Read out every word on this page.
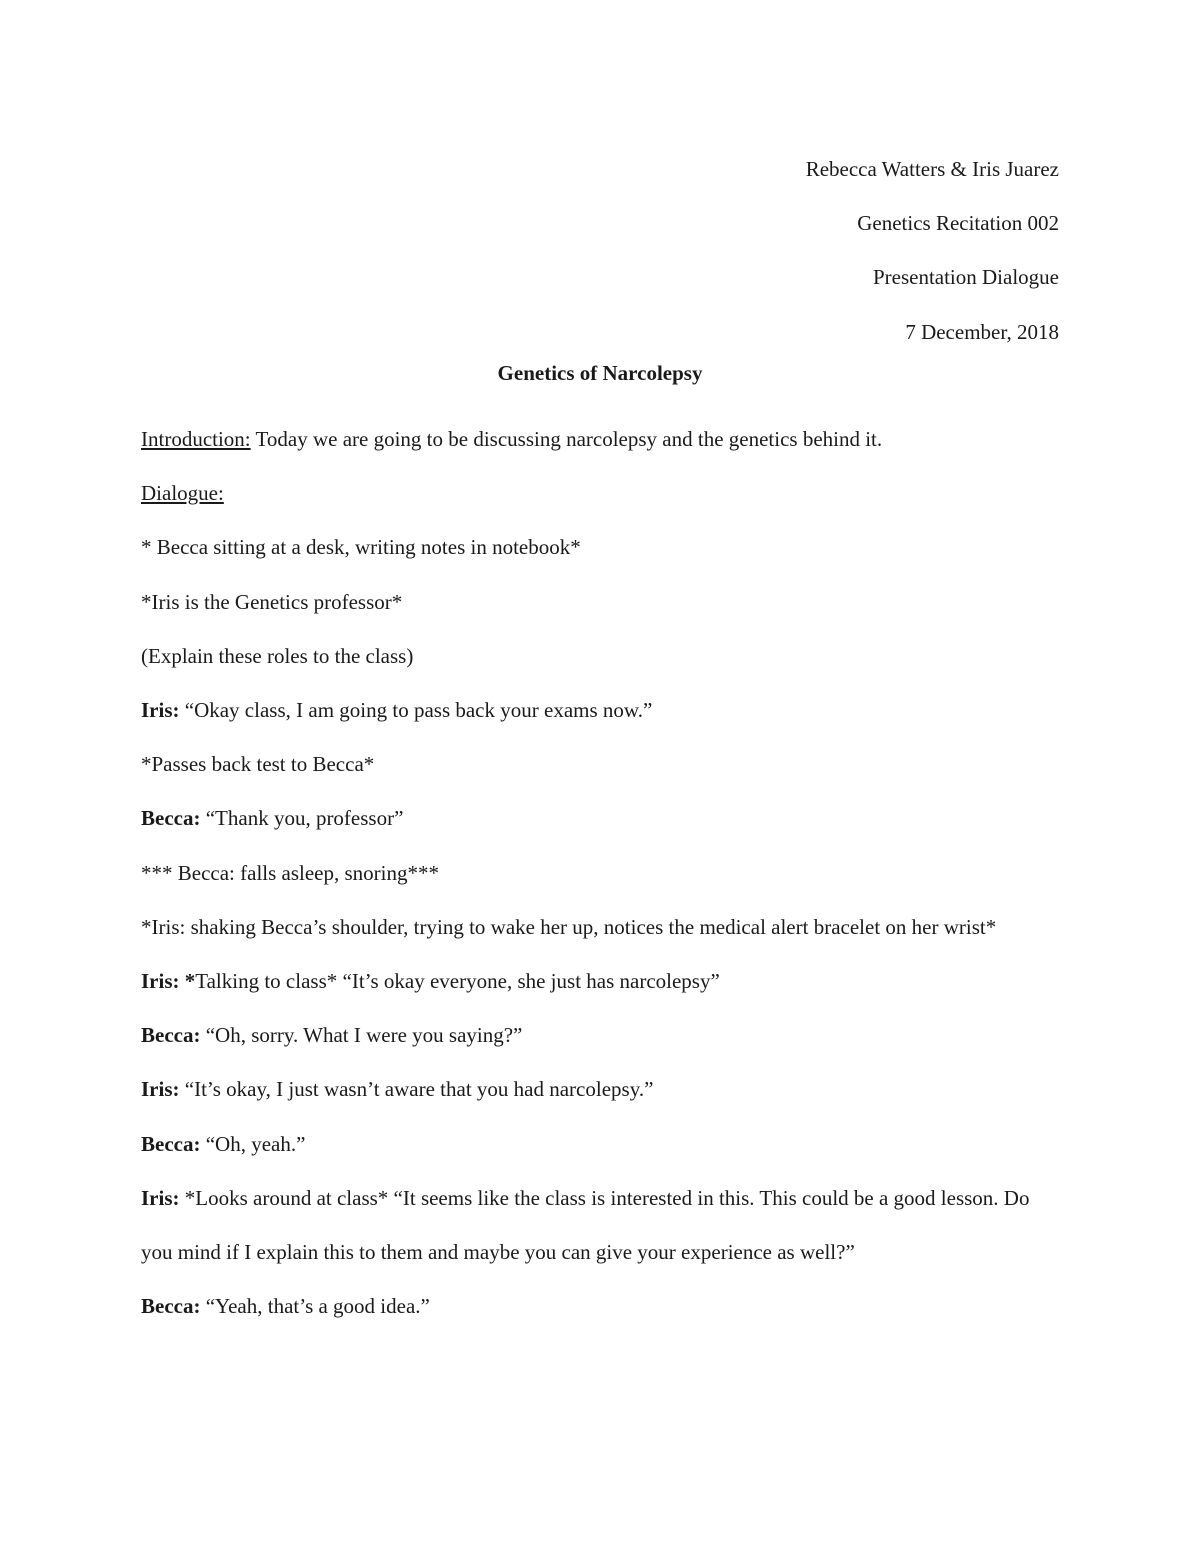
Rebecca Watters & Iris Juarez
Genetics Recitation 002
Presentation Dialogue
7 December, 2018
Genetics of Narcolepsy

Introduction: Today we are going to be discussing narcolepsy and the genetics behind it.

Dialogue:

* Becca sitting at a desk, writing notes in notebook*

*Iris is the Genetics professor*

(Explain these roles to the class)

Iris: “Okay class, I am going to pass back your exams now.”

*Passes back test to Becca*

Becca: “Thank you, professor”

*** Becca: falls asleep, snoring***

*Iris: shaking Becca’s shoulder, trying to wake her up, notices the medical alert bracelet on her wrist*

Iris: *Talking to class* “It’s okay everyone, she just has narcolepsy”

Becca: “Oh, sorry. What I were you saying?”

Iris: “It’s okay, I just wasn’t aware that you had narcolepsy.”

Becca: “Oh, yeah.”

Iris: *Looks around at class* “It seems like the class is interested in this. This could be a good lesson. Do you mind if I explain this to them and maybe you can give your experience as well?”

Becca: “Yeah, that’s a good idea.”
